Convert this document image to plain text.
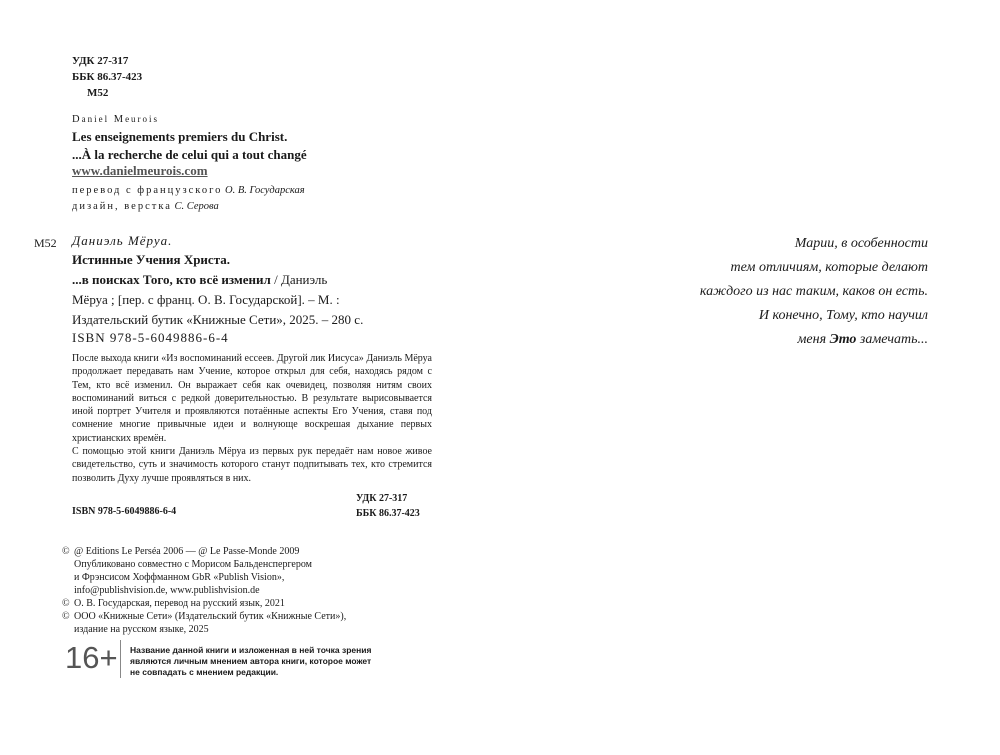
УДК 27-317
ББК 86.37-423
М52
Daniel Meurois
Les enseignements premiers du Christ.
...À la recherche de celui qui a tout changé
www.danielmeurois.com
перевод с французского О. В. Государская
дизайн, верстка С. Серова
М52 Даниэль Мёруа.
Истинные Учения Христа.
...в поисках Того, кто всё изменил / Даниэль
Мёруа ; [пер. с франц. О. В. Государской]. – М. :
Издательский бутик «Книжные Сети», 2025. – 280 с.
ISBN 978-5-6049886-6-4

После выхода книги «Из воспоминаний ессеев. Другой лик Иисуса» Даниэль Мёруа продолжает передавать нам Учение, которое открыл для себя, находясь рядом с Тем, кто всё изменил. Он выражает себя как очевидец, позволяя нитям своих воспоминаний виться с редкой доверительностью. В результате вырисовывается иной портрет Учителя и проявляются потаённые аспекты Его Учения, ставя под сомнение многие привычные идеи и волнующе воскрешая дыхание первых христианских времён.

С помощью этой книги Даниэль Мёруа из первых рук передаёт нам новое живое свидетельство, суть и значимость которого станут подпитывать тех, кто стремится позволить Духу лучше проявляться в них.

УДК 27-317
ББК 86.37-423
ISBN 978-5-6049886-6-4
© @ Editions Le Perséa 2006 — @ Le Passe-Monde 2009
Опубликовано совместно с Морисом Бальденспергером
и Фрэнсисом Хоффманном GbR «Publish Vision»,
info@publishvision.de, www.publishvision.de
© О. В. Государская, перевод на русский язык, 2021
© ООО «Книжные Сети» (Издательский бутик «Книжные Сети»),
издание на русском языке, 2025
16+ Название данной книги и изложенная в ней точка зрения
являются личным мнением автора книги, которое может
не совпадать с мнением редакции.
Марии, в особенности
тем отличиям, которые делают
каждого из нас таким, каков он есть.
И конечно, Тому, кто научил
меня Это замечать...
